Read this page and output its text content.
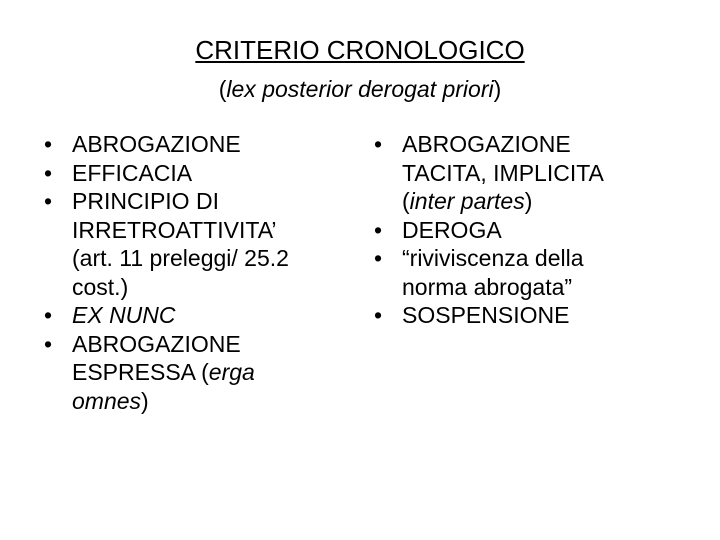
CRITERIO CRONOLOGICO
(lex posterior derogat priori)
• ABROGAZIONE
• EFFICACIA
• PRINCIPIO DI
IRRETROATTIVITA’
(art. 11 preleggi/ 25.2
cost.)
• EX NUNC
• ABROGAZIONE
ESPRESSA (erga
omnes)
• ABROGAZIONE
TACITA, IMPLICITA
(inter partes)
• DEROGA
• “riviviscenza della
norma abrogata”
• SOSPENSIONE
